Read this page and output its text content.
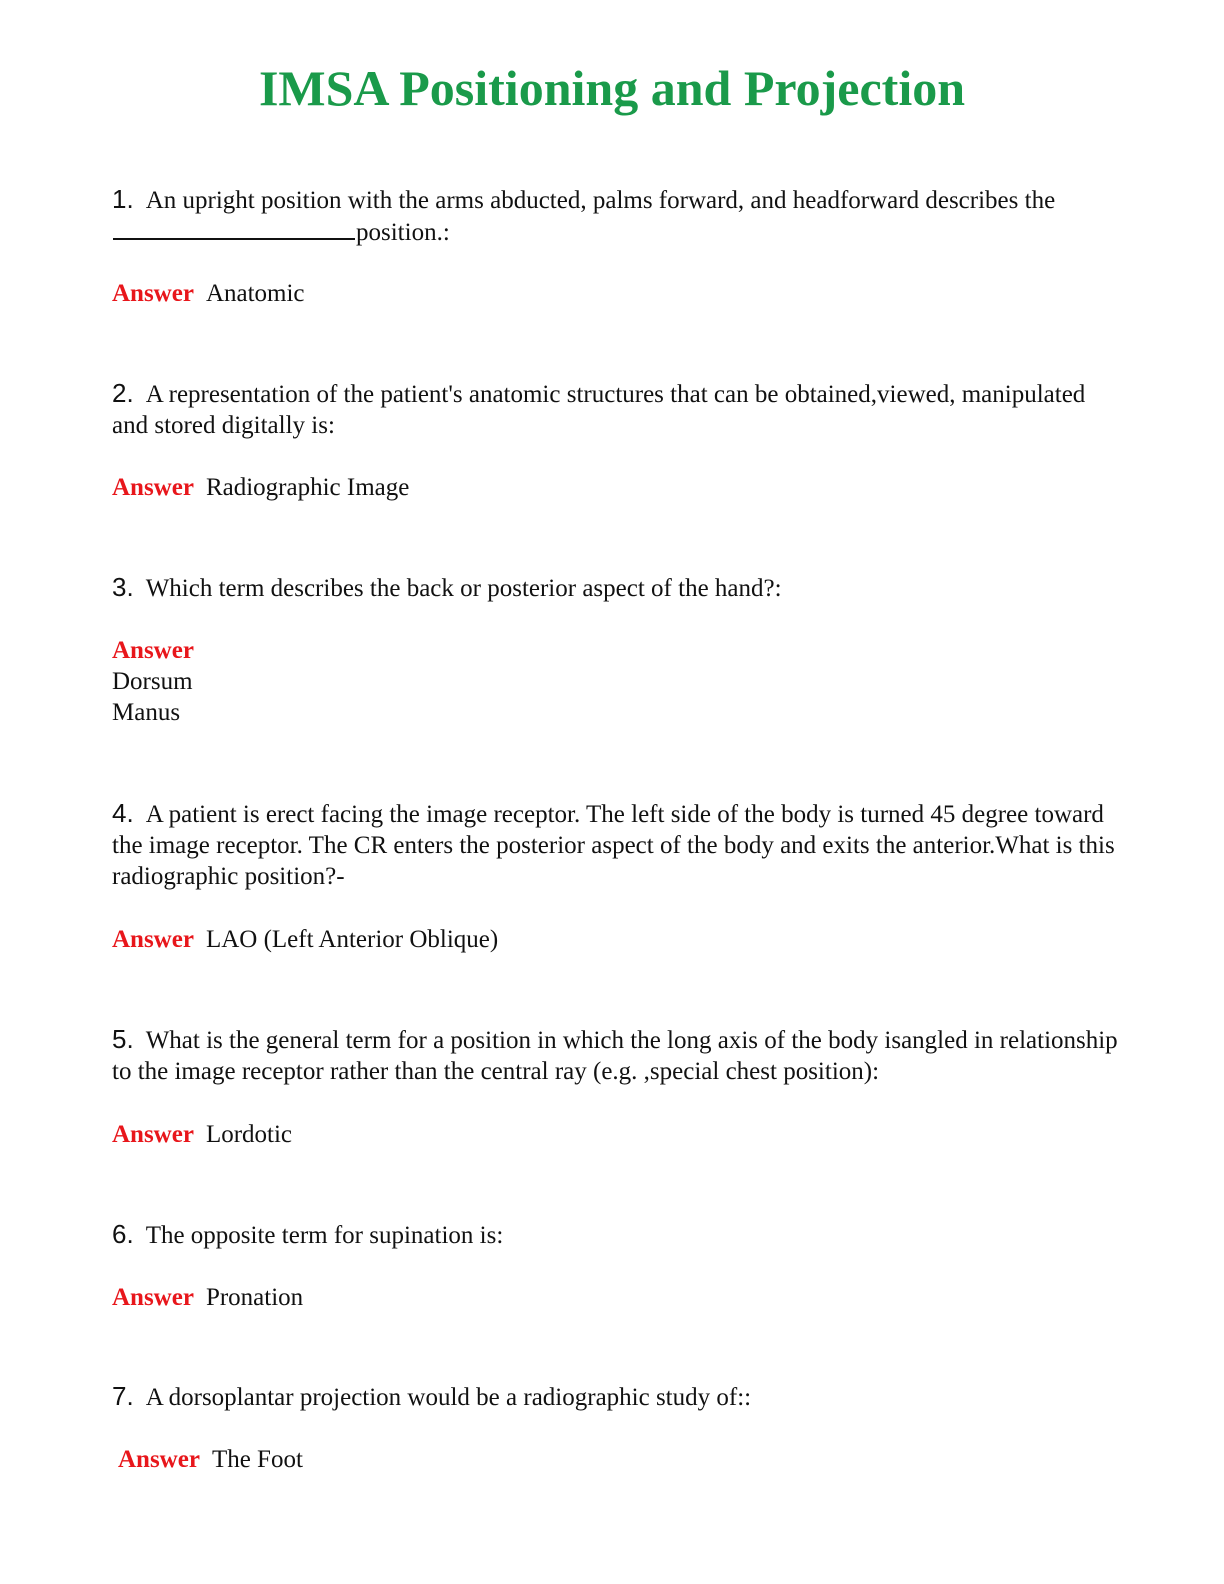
IMSA Positioning and Projection
1. An upright position with the arms abducted, palms forward, and headforward describes theposition.:
Answer Anatomic
2. A representation of the patient's anatomic structures that can be obtained,viewed, manipulated and stored digitally is:
Answer Radiographic Image
3. Which term describes the back or posterior aspect of the hand?:
Answer
Dorsum
Manus
4. A patient is erect facing the image receptor. The left side of the body is turned 45 degree toward the image receptor. The CR enters the posterior aspect of the body and exits the anterior.What is this radiographic position?-
Answer LAO (Left Anterior Oblique)
5. What is the general term for a position in which the long axis of the body isangled in relationship to the image receptor rather than the central ray (e.g. ,special chest position):
Answer Lordotic
6. The opposite term for supination is:
Answer Pronation
7. A dorsoplantar projection would be a radiographic study of::
Answer The Foot
